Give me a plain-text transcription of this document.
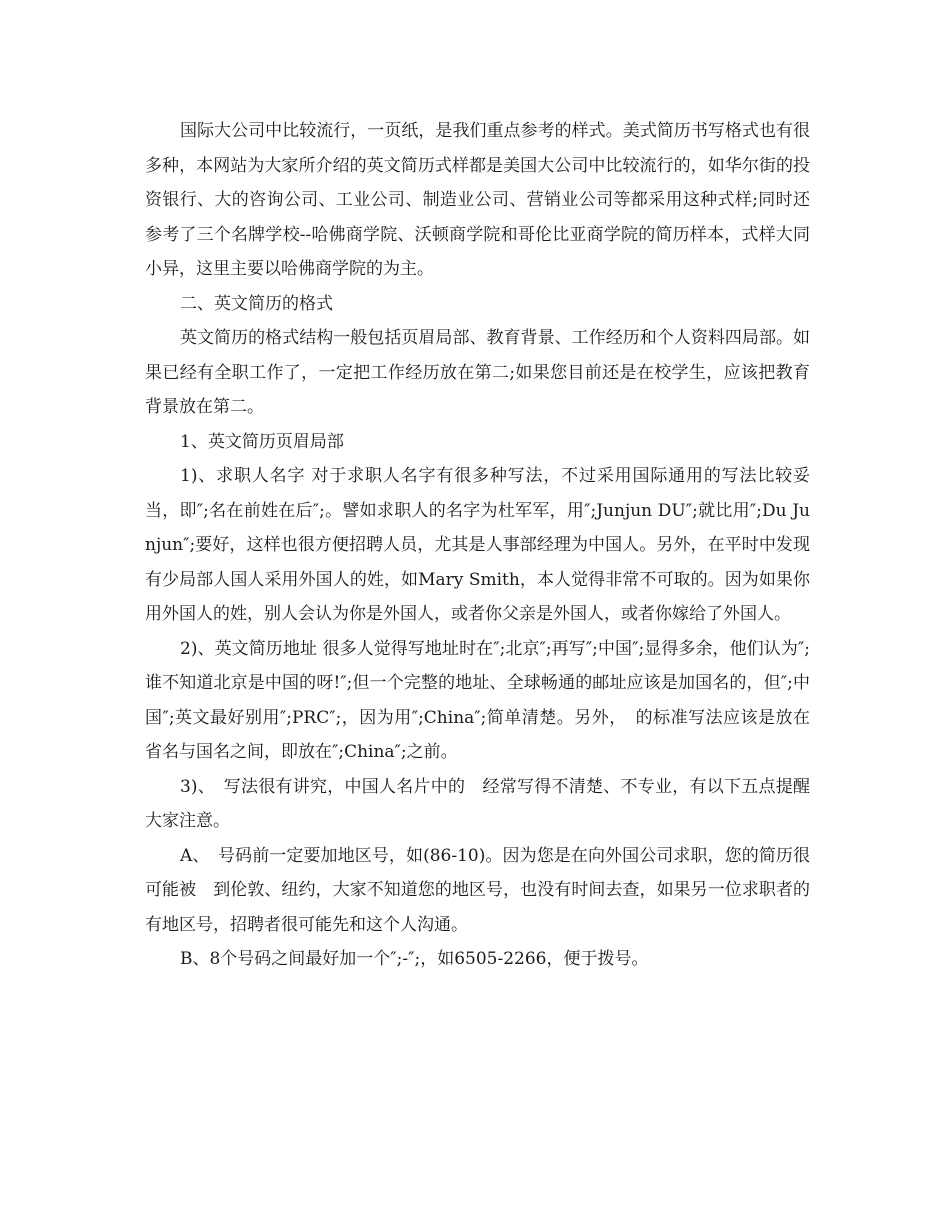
国际大公司中比较流行，一页纸，是我们重点参考的样式。美式简历书写格式也有很多种，本网站为大家所介绍的英文简历式样都是美国大公司中比较流行的，如华尔街的投资银行、大的咨询公司、工业公司、制造业公司、营销业公司等都采用这种式样;同时还参考了三个名牌学校--哈佛商学院、沃顿商学院和哥伦比亚商学院的简历样本，式样大同小异，这里主要以哈佛商学院的为主。

二、英文简历的格式

英文简历的格式结构一般包括页眉局部、教育背景、工作经历和个人资料四局部。如果已经有全职工作了，一定把工作经历放在第二;如果您目前还是在校学生，应该把教育背景放在第二。

1、英文简历页眉局部

1)、求职人名字 对于求职人名字有很多种写法，不过采用国际通用的写法比较妥当，即″;名在前姓在后″;。譬如求职人的名字为杜军军，用″;Junjun DU″;就比用″;Du Junjun″;要好，这样也很方便招聘人员，尤其是人事部经理为中国人。另外，在平时中发现有少局部人国人采用外国人的姓，如Mary Smith，本人觉得非常不可取的。因为如果你用外国人的姓，别人会认为你是外国人，或者你父亲是外国人，或者你嫁给了外国人。

2)、英文简历地址 很多人觉得写地址时在″;北京″;再写″;中国″;显得多余，他们认为″;谁不知道北京是中国的呀!″;但一个完整的地址、全球畅通的邮址应该是加国名的，但″;中国″;英文最好别用″;PRC″;，因为用″;China″;简单清楚。另外，　的标准写法应该是放在省名与国名之间，即放在″;China″;之前。

3)、　写法很有讲究，中国人名片中的　经常写得不清楚、不专业，有以下五点提醒大家注意。

A、　号码前一定要加地区号，如(86-10)。因为您是在向外国公司求职，您的简历很可能被　到伦敦、纽约，大家不知道您的地区号，也没有时间去查，如果另一位求职者的　有地区号，招聘者很可能先和这个人沟通。

B、8个号码之间最好加一个″;-″;，如6505-2266，便于拨号。
